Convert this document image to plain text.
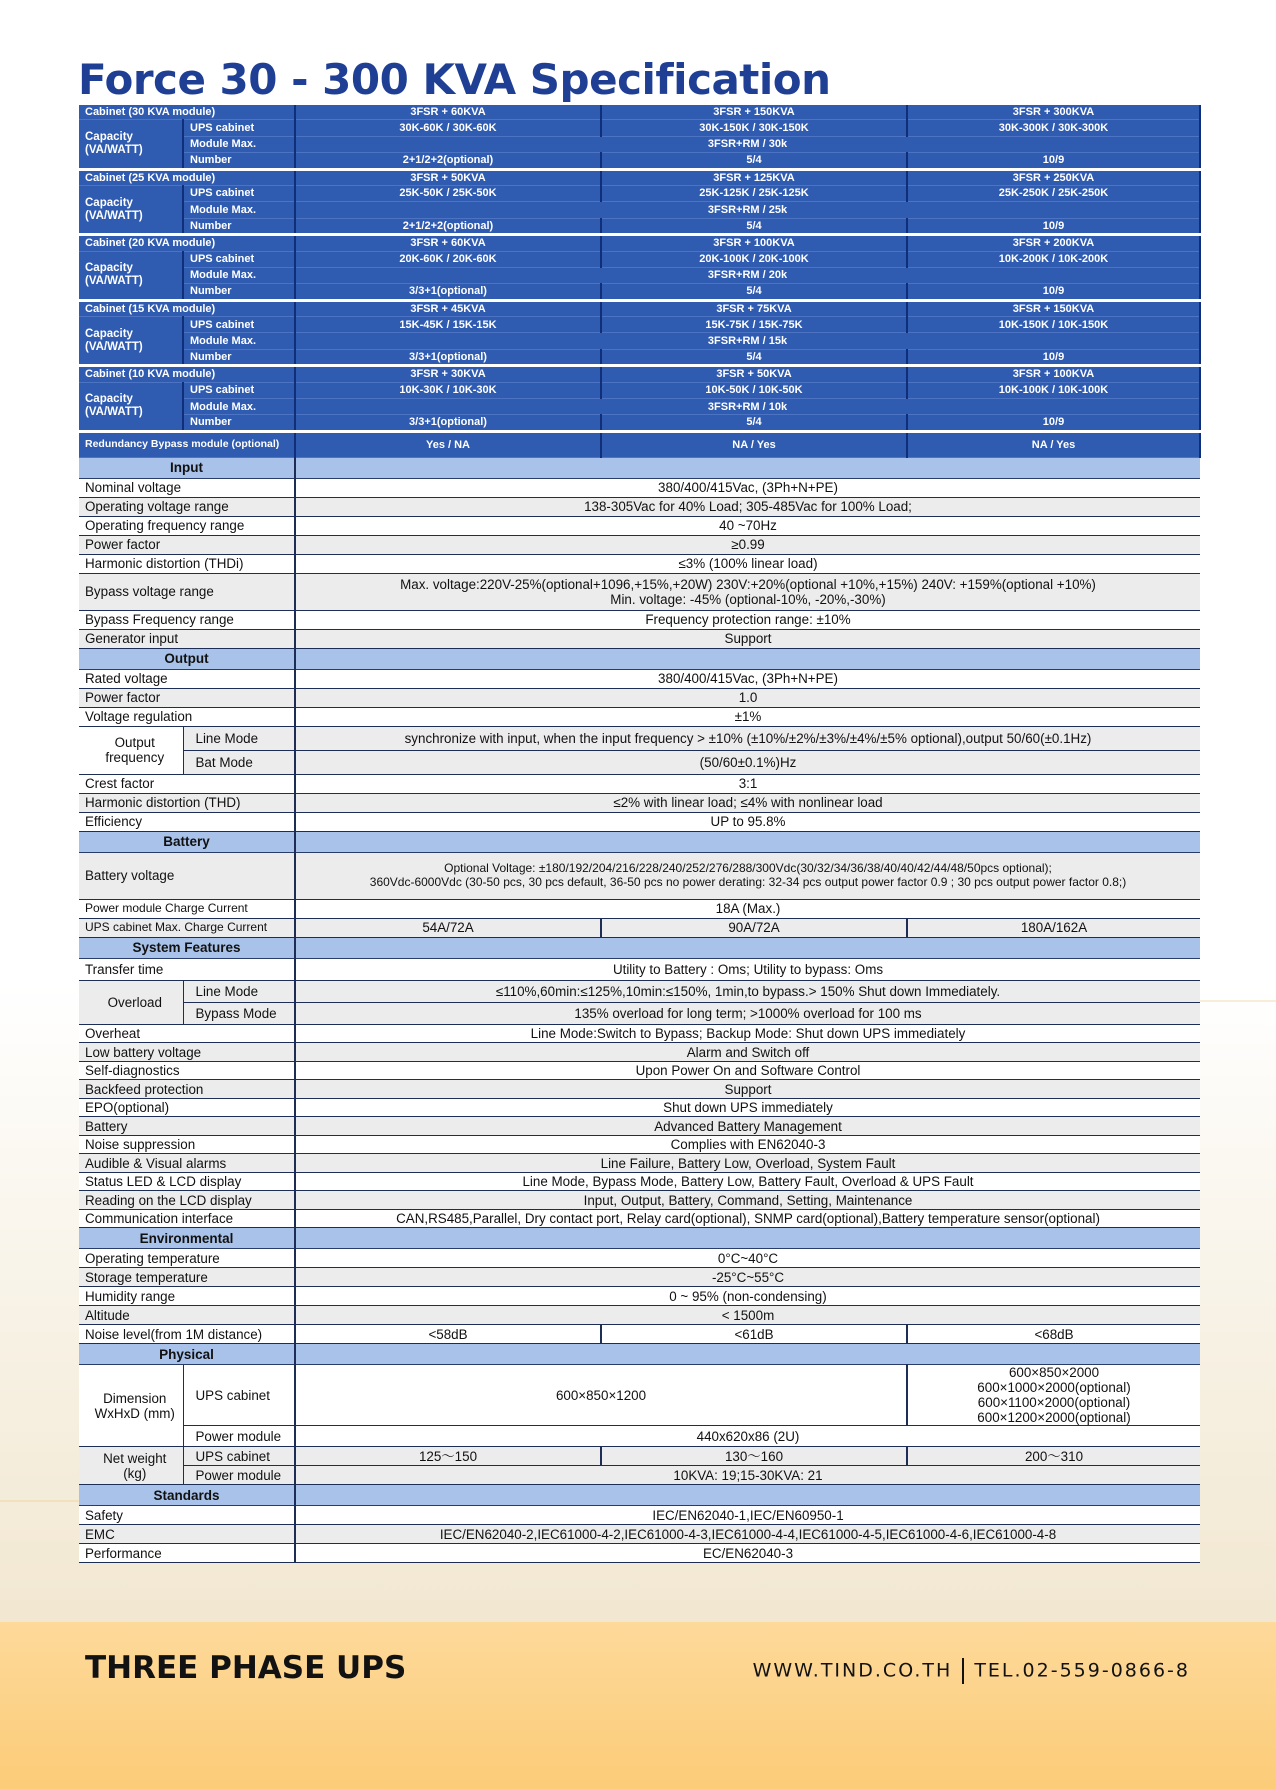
Force 30 - 300 KVA Specification
Cabinet (30 KVA module)		3FSR + 60KVA	3FSR + 150KVA	3FSR + 300KVA
Capacity (VA/WATT)	UPS cabinet	30K-60K / 30K-60K	30K-150K / 30K-150K	30K-300K / 30K-300K
	Module Max.	3FSR+RM / 30k		
	Number	2+1/2+2(optional)	5/4	10/9
Cabinet (25 KVA module)		3FSR + 50KVA	3FSR + 125KVA	3FSR + 250KVA
Capacity (VA/WATT)	UPS cabinet	25K-50K / 25K-50K	25K-125K / 25K-125K	25K-250K / 25K-250K
	Module Max.	3FSR+RM / 25k		
	Number	2+1/2+2(optional)	5/4	10/9
Cabinet (20 KVA module)		3FSR + 60KVA	3FSR + 100KVA	3FSR + 200KVA
Capacity (VA/WATT)	UPS cabinet	20K-60K / 20K-60K	20K-100K / 20K-100K	10K-200K / 10K-200K
	Module Max.	3FSR+RM / 20k		
	Number	3/3+1(optional)	5/4	10/9
Cabinet (15 KVA module)		3FSR + 45KVA	3FSR + 75KVA	3FSR + 150KVA
Capacity (VA/WATT)	UPS cabinet	15K-45K / 15K-15K	15K-75K / 15K-75K	10K-150K / 10K-150K
	Module Max.	3FSR+RM / 15k		
	Number	3/3+1(optional)	5/4	10/9
Cabinet (10 KVA module)		3FSR + 30KVA	3FSR + 50KVA	3FSR + 100KVA
Capacity (VA/WATT)	UPS cabinet	10K-30K / 10K-30K	10K-50K / 10K-50K	10K-100K / 10K-100K
	Module Max.	3FSR+RM / 10k		
	Number	3/3+1(optional)	5/4	10/9
Redundancy Bypass module (optional)		Yes / NA	NA / Yes	NA / Yes
Input				
Nominal voltage		380/400/415Vac, (3Ph+N+PE)		
Operating voltage range		138-305Vac for 40% Load; 305-485Vac for 100% Load;		
Operating frequency range		40 ~70Hz		
Power factor		≥0.99		
Harmonic distortion (THDi)		≤3% (100% linear load)		
Bypass voltage range		Max. voltage:220V-25%(optional+1096,+15%,+20W) 230V:+20%(optional +10%,+15%) 240V: +159%(optional +10%)
Min. voltage: -45% (optional-10%, -20%,-30%)		
Bypass Frequency range		Frequency protection range: ±10%		
Generator input		Support		
Output				
Rated voltage		380/400/415Vac, (3Ph+N+PE)		
Power factor		1.0		
Voltage regulation		±1%		
Output frequency	Line Mode	synchronize with input, when the input frequency > ±10% (±10%/±2%/±3%/±4%/±5% optional),output 50/60(±0.1Hz)		
	Bat Mode	(50/60±0.1%)Hz		
Crest factor		3:1		
Harmonic distortion (THD)		≤2% with linear load; ≤4% with nonlinear load		
Efficiency		UP to 95.8%		
Battery				
Battery voltage		Optional Voltage: ±180/192/204/216/228/240/252/276/288/300Vdc(30/32/34/36/38/40/40/42/44/48/50pcs optional);
360Vdc-6000Vdc (30-50 pcs, 30 pcs default, 36-50 pcs no power derating: 32-34 pcs output power factor 0.9 ; 30 pcs output power factor 0.8;)		
Power module Charge Current		18A (Max.)		
UPS cabinet Max. Charge Current		54A/72A	90A/72A	180A/162A
System Features				
Transfer time		Utility to Battery : Oms; Utility to bypass: Oms		
Overload	Line Mode	≤110%,60min:≤125%,10min:≤150%, 1min,to bypass.> 150% Shut down Immediately.		
	Bypass Mode	135% overload for long term; >1000% overload for 100 ms		
Overheat		Line Mode:Switch to Bypass; Backup Mode: Shut down UPS immediately		
Low battery voltage		Alarm and Switch off		
Self-diagnostics		Upon Power On and Software Control		
Backfeed protection		Support		
EPO(optional)		Shut down UPS immediately		
Battery		Advanced Battery Management		
Noise suppression		Complies with EN62040-3		
Audible & Visual alarms		Line Failure, Battery Low, Overload, System Fault		
Status LED & LCD display		Line Mode, Bypass Mode, Battery Low, Battery Fault, Overload & UPS Fault		
Reading on the LCD display		Input, Output, Battery, Command, Setting, Maintenance		
Communication interface		CAN,RS485,Parallel, Dry contact port, Relay card(optional), SNMP card(optional),Battery temperature sensor(optional)		
Environmental				
Operating temperature		0°C~40°C		
Storage temperature		-25°C~55°C		
Humidity range		0 ~ 95% (non-condensing)		
Altitude		< 1500m		
Noise level(from 1M distance)		<58dB	<61dB	<68dB
Physical				
Dimension WxHxD (mm)	UPS cabinet	600×850×1200		600×850×2000
600×1000×2000(optional)
600×1100×2000(optional)
600×1200×2000(optional)
	Power module	440x620x86 (2U)		
Net weight (kg)	UPS cabinet	125～150	130～160	200～310
	Power module	10KVA: 19;15-30KVA: 21		
Standards				
Safety		IEC/EN62040-1,IEC/EN60950-1		
EMC		IEC/EN62040-2,IEC61000-4-2,IEC61000-4-3,IEC61000-4-4,IEC61000-4-5,IEC61000-4-6,IEC61000-4-8		
Performance		EC/EN62040-3		
THREE PHASE UPS	WWW.TIND.CO.TH TEL.02-559-0866-8
